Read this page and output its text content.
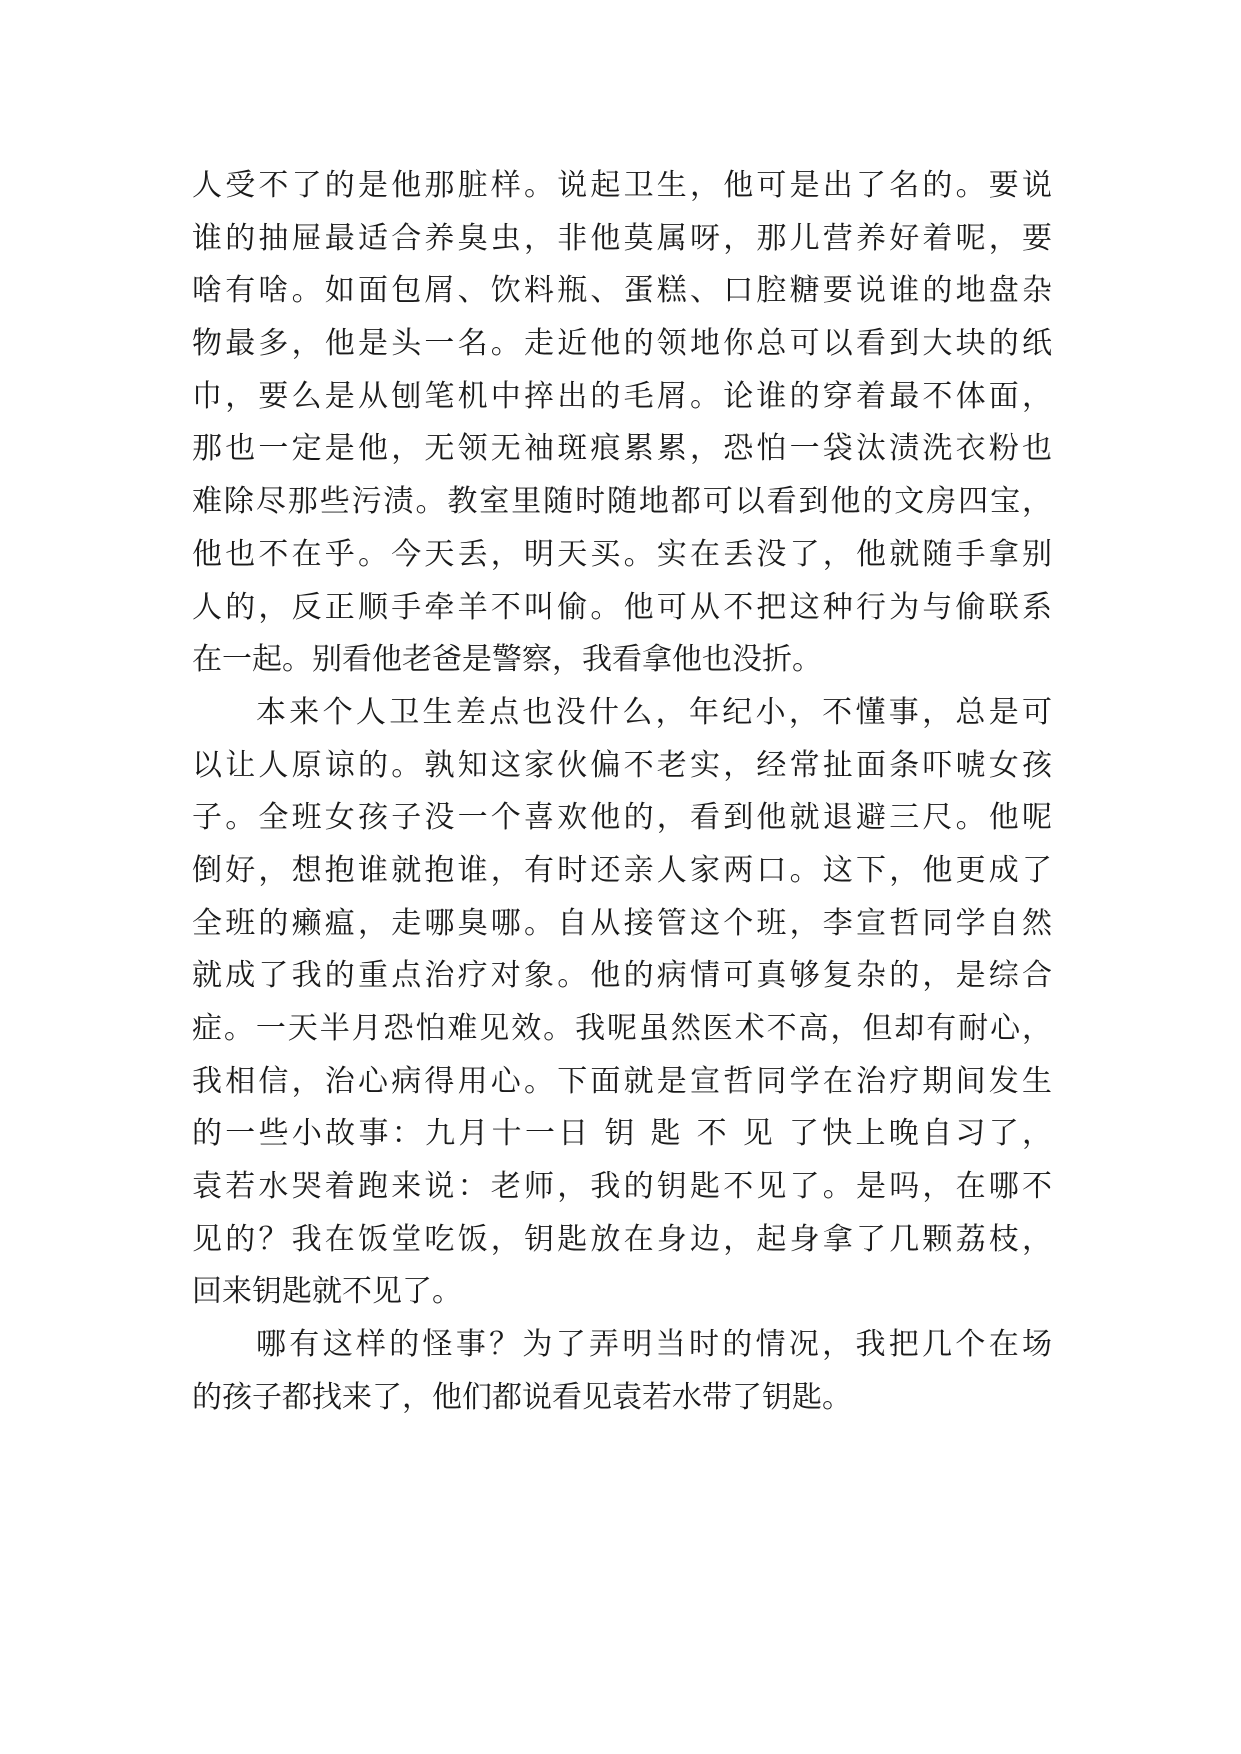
人受不了的是他那脏样。说起卫生，他可是出了名的。要说
谁的抽屉最适合养臭虫，非他莫属呀，那儿营养好着呢，要
啥有啥。如面包屑、饮料瓶、蛋糕、口腔糖要说谁的地盘杂
物最多，他是头一名。走近他的领地你总可以看到大块的纸
巾，要么是从刨笔机中捽出的毛屑。论谁的穿着最不体面，
那也一定是他，无领无袖斑痕累累，恐怕一袋汰渍洗衣粉也
难除尽那些污渍。教室里随时随地都可以看到他的文房四宝，
他也不在乎。今天丢，明天买。实在丢没了，他就随手拿别
人的，反正顺手牵羊不叫偷。他可从不把这种行为与偷联系
在一起。别看他老爸是警察，我看拿他也没折。
本来个人卫生差点也没什么，年纪小，不懂事，总是可
以让人原谅的。孰知这家伙偏不老实，经常扯面条吓唬女孩
子。全班女孩子没一个喜欢他的，看到他就退避三尺。他呢
倒好，想抱谁就抱谁，有时还亲人家两口。这下，他更成了
全班的癞瘟，走哪臭哪。自从接管这个班，李宣哲同学自然
就成了我的重点治疗对象。他的病情可真够复杂的，是综合
症。一天半月恐怕难见效。我呢虽然医术不高，但却有耐心，
我相信，治心病得用心。下面就是宣哲同学在治疗期间发生
的一些小故事：九月十一日 钥 匙 不 见 了快上晚自习了，
袁若水哭着跑来说：老师，我的钥匙不见了。是吗，在哪不
见的？我在饭堂吃饭，钥匙放在身边，起身拿了几颗荔枝，
回来钥匙就不见了。
哪有这样的怪事？为了弄明当时的情况，我把几个在场
的孩子都找来了，他们都说看见袁若水带了钥匙。
